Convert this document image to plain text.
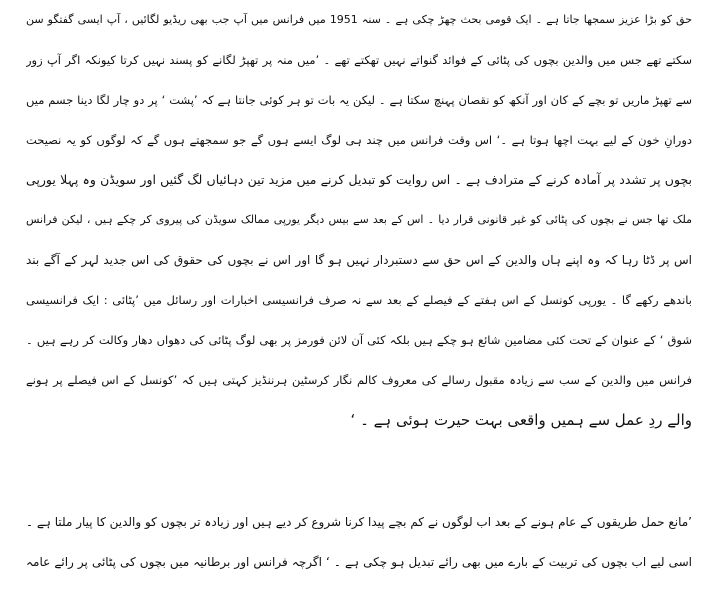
حق کو بڑا عزیز سمجھا جاتا ہے ۔ ایک قومی بحث چھڑ چکی ہے ۔ سنہ 1951 میں فرانس میں آپ جب بھی ریڈیو لگائیں ، آپ ایسی گفتگو سن
سکتے تھے جس میں والدین بچوں کی پٹائی کے فوائد گنواتے نہیں تھکتے تھے ۔ ’میں منہ پر تھپڑ لگانے کو پسند نہیں کرتا کیونکہ اگر آپ زور
سے تھپڑ ماریں تو بچے کے کان اور آنکھ کو نقصان پہنچ سکتا ہے ۔ لیکن یہ بات تو ہر کوئی جانتا ہے کہ ’پشت ‘ پر دو چار لگا دینا جسم میں
دورانِ خون کے لیے بہت اچھا ہوتا ہے ۔‘ اس وقت فرانس میں چند ہی لوگ ایسے ہوں گے جو سمجھتے ہوں گے کہ لوگوں کو یہ نصیحت
بچوں پر تشدد پر آمادہ کرنے کے مترادف ہے ۔ اس روایت کو تبدیل کرنے میں مزید تین دہائیاں لگ گئیں اور سویڈن وہ پہلا یورپی
ملک تھا جس نے بچوں کی پٹائی کو غیر قانونی قرار دیا ۔ اس کے بعد سے بیس دیگر یورپی ممالک سویڈن کی پیروی کر چکے ہیں ، لیکن فرانس
اس پر ڈٹا رہا کہ وہ اپنے ہاں والدین کے اس حق سے دستبردار نہیں ہو گا اور اس نے بچوں کی حقوق کی اس جدید لہر کے آگے بند
باندھے رکھے گا ۔ یورپی کونسل کے اس ہفتے کے فیصلے کے بعد سے نہ صرف فرانسیسی اخبارات اور رسائل میں ’پٹائی : ایک فرانسیسی
شوق ‘ کے عنوان کے تحت کئی مضامین شائع ہو چکے ہیں بلکہ کئی آن لائن فورمز پر بھی لوگ پٹائی کی دھواں دھار وکالت کر رہے ہیں ۔
فرانس میں والدین کے سب سے زیادہ مقبول رسالے کی معروف کالم نگار کرسٹین ہرننڈیز کہتی ہیں کہ ’کونسل کے اس فیصلے پر ہونے
والے ردِ عمل سے ہمیں واقعی بہت حیرت ہوئی ہے ۔ ‘
’مانع حمل طریقوں کے عام ہونے کے بعد اب لوگوں نے کم بچے پیدا کرنا شروع کر دیے ہیں اور زیادہ تر بچوں کو والدین کا پیار ملتا ہے ۔
اسی لیے اب بچوں کی تربیت کے بارے میں بھی رائے تبدیل ہو چکی ہے ۔ ‘ اگرچہ فرانس اور برطانیہ میں بچوں کی پٹائی پر رائے عامہ
